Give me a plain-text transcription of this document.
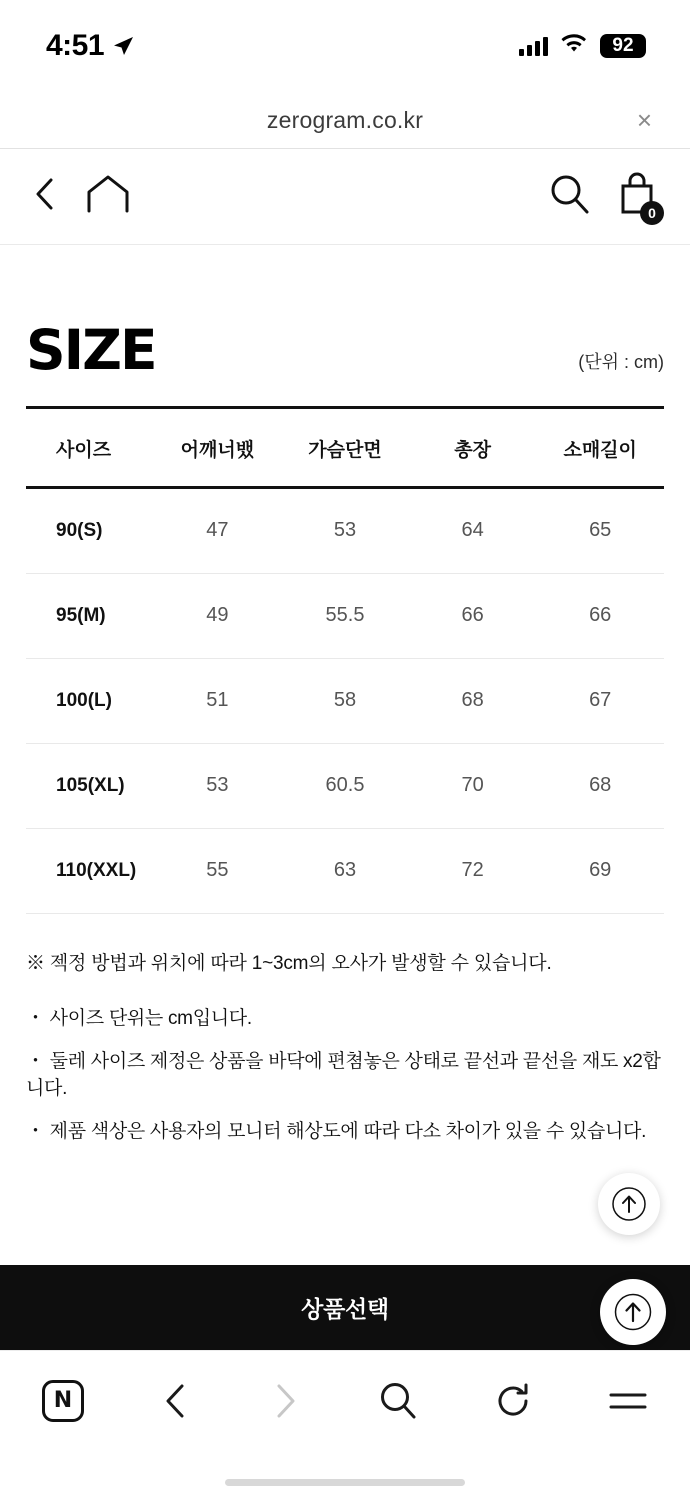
4:51	92
zerogram.co.kr	×
0
SIZE	(단위 : cm)
사이즈	어깨너뱄	가슴단면	총장	소매길이
90(S)	47	53	64	65
95(M)	49	55.5	66	66
100(L)	51	58	68	67
105(XL)	53	60.5	70	68
110(XXL)	55	63	72	69
※ 젝정 방법과 위치에 따라 1~3cm의 오사가 발생할 수 있습니다.
・ 사이즈 단위는 cm입니다.
・ 둘레 사이즈 제정은 상품을 바닥에 편쳠놓은 상태로 끝선과 끝선을 재도 x2합니다.
・ 제품 색상은 사용자의 모니터 해상도에 따라 다소 차이가 있을 수 있습니다.
상품선택
N
